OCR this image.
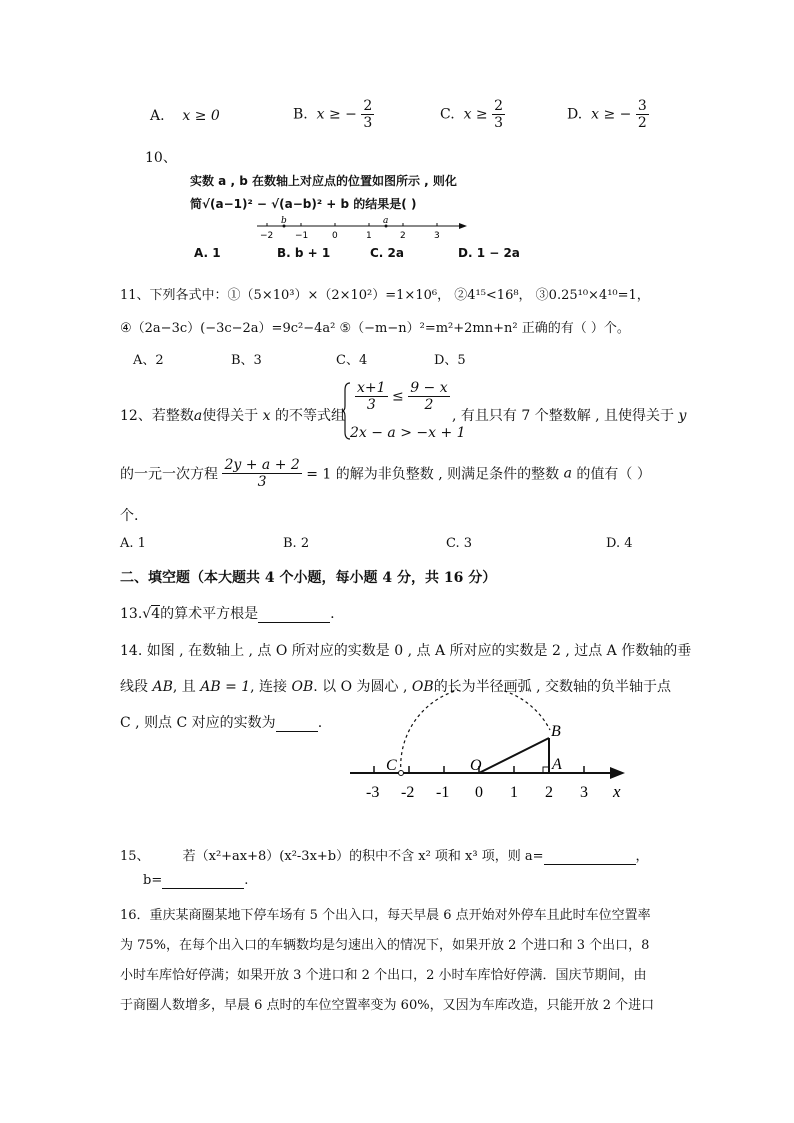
A. x ≥ 0	B. x ≥ − $\frac{2}{3}$	C. $x \ge \frac{2}{3}$	D. x ≥ − $\frac{3}{2}$
10、
实数 a , b 在数轴上对应点的位置如图所示 , 则化
简√(a−1)² − √(a−b)² + b 的结果是( )
b	a
−2 −1	0	1	2	3
A. 1	B. b + 1	C. 2a	D. 1 − 2a
11、下列各式中：①（5×10³）×（2×10²）=1×10⁶， ②4¹⁵<16⁸， ③0.25¹⁰×4¹⁰=1，
④（2a−3c）(−3c−2a）=9c²−4a² ⑤（−m−n）²=m²+2mn+n² 正确的有（ ）个。
A、2	B、3	C、4	D、5
12、若整数a使得关于 x 的不等式组
$\frac{x+1}{3} \le \frac{9 - x}{2}$
2x − a > −x + 1
, 有且只有 7 个整数解 , 且使得关于 y
的一元一次方程 $\frac{2y + a + 2}{3} = 1$ 的解为非负整数 , 则满足条件的整数 a 的值有（ ）
个.
A. 1	B. 2	C. 3	D. 4
二、填空题（本大题共 4 个小题，每小题 4 分，共 16 分）
13.√4的算术平方根是	.
14. 如图 , 在数轴上 , 点 O 所对应的实数是 0 , 点 A 所对应的实数是 2 , 过点 A 作数轴的垂
线段 AB, 且 AB = 1, 连接 OB. 以 O 为圆心 , OB的长为半径画弧 , 交数轴的负半轴于点
C , 则点 C 对应的实数为	.
C	O
B
A
x
-3 -2 -1 0 1 2 3
15、	若（x²+ax+8）(x²-3x+b）的积中不含 x² 项和 x³ 项，则 a=	，
b=	.
16．重庆某商圈某地下停车场有 5 个出入口，每天早晨 6 点开始对外停车且此时车位空置率
为 75%，在每个出入口的车辆数均是匀速出入的情况下，如果开放 2 个进口和 3 个出口，8
小时车库恰好停满；如果开放 3 个进口和 2 个出口，2 小时车库恰好停满．国庆节期间，由
于商圈人数增多，早晨 6 点时的车位空置率变为 60%，又因为车库改造，只能开放 2 个进口
